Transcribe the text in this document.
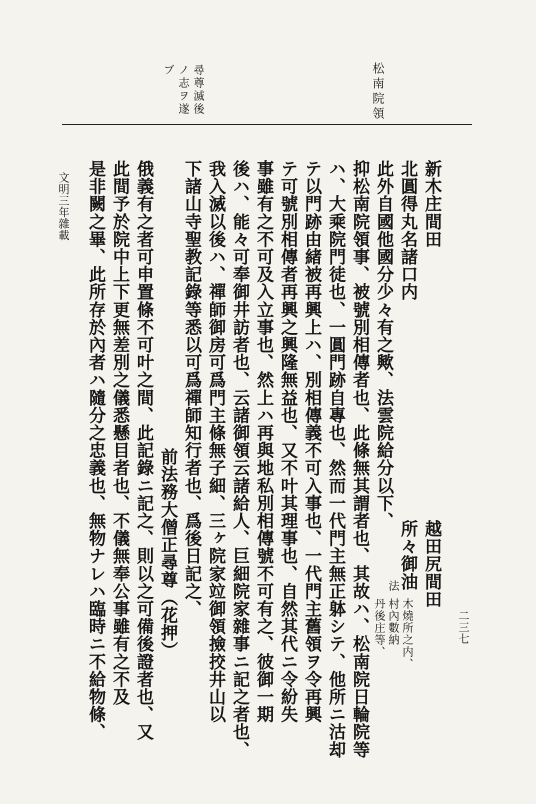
松南院領
尋尊滅後
ノ志ヲ遂
ブ
新木庄間田
北圓得丸名諸口内
此外自國他國分少々有之歟、法雲院給分以下、
抑松南院領事、被號別相傳者也、此條無其謂者也、其故ハ、松南院日輪院等
ハ、大乘院門徒也、一圓門跡自專也、然而一代門主無正躰シテ、他所ニ沽却
テ以門跡由緒被再興上ハ、別相傳義不可入事也、一代門主舊領ヲ令再興
テ可號別相傳者再興之興隆無益也、又不叶其理事也、自然其代ニ令紛失
事雖有之不可及入立事也、然上ハ再與地私別相傳號不可有之、彼御一期
後ハ、能々可奉御井訪者也、云諸御領云諸給人、巨細院家雜事ニ記之者也、
我入滅以後ハ、禪師御房可爲門主條無子細、三ヶ院家竝御領撿挍井山以
下諸山寺聖教記錄等悉以可爲禪師知行者也、爲後日記之、
前法務大僧正尋尊（花押）
俄義有之者可申置條不可叶之間、此記錄ニ記之、則以之可備後證者也、又
此間予於院中上下更無差別之儀悉懸目者也、不儀無奉公事雖有之不及
是非闕之畢、此所存於內者ハ隨分之忠義也、無物ナレハ臨時ニ不給物條、	越田尻間田
所々御油
木燒所之内、
法
村內數納
丹後庄等、
文明三年雜載
二三七
